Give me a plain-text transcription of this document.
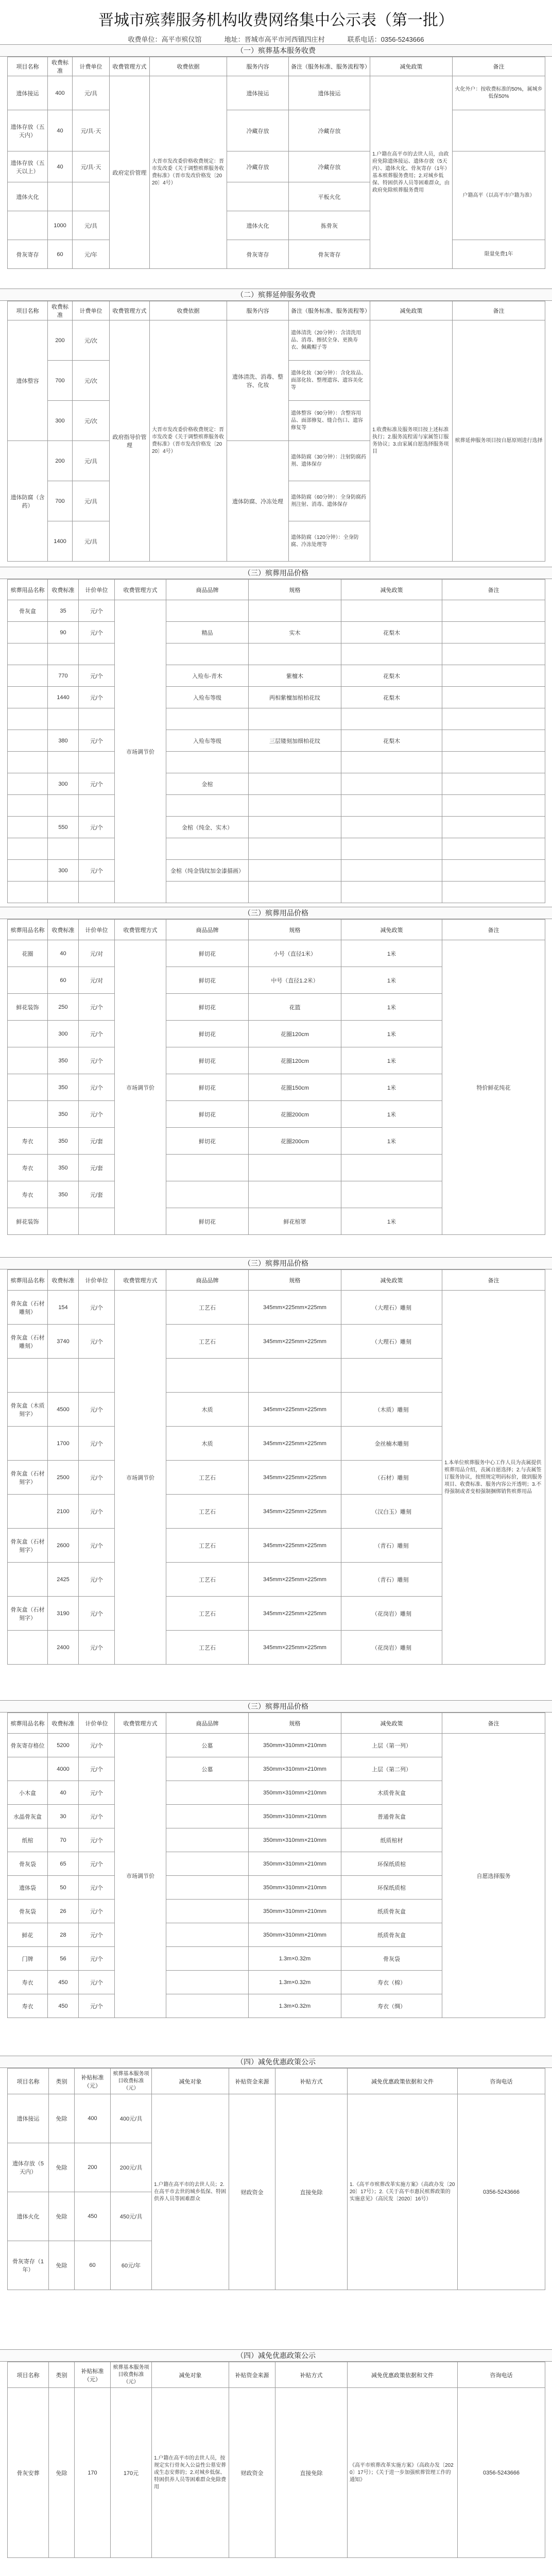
晋城市殡葬服务机构收费网络集中公示表（第一批）
收费单位：高平市殡仪馆	地址：晋城市高平市河西镇四庄村	联系电话：0356-5243666
（一）殡葬基本服务收费
项目名称	收费标准	计费单位	收费管理方式	收费依据	服务内容	备注（服务标准、服务流程等）	减免政策	备注
遗体接运	400	元/具	政府定价管理	大晋市发改委价格收费规定：晋市发改委《关于调整殡葬服务收费标准》（晋市发改价格发〔2020〕4号）	遗体接运	遗体接运	1.户籍在高平市的去世人员，由政府免除遗体接运、遗体存放（5天内）、遗体火化、骨灰寄存（1年）基本殡葬服务费用；2.对城乡低保、特困供养人员等困难群众，由政府免除殡葬服务费用	火化外户：按收费标准的50%，属城乡低保50%
遗体存放（五天内）	40	元/具·天			冷藏存放	冷藏存放		
遗体存放（五天以上）	40	元/具·天			冷藏存放	冷藏存放		户籍高平（以高平市户籍为准）
遗体火化						平板火化		
	1000	元/具			遗体火化	拣骨灰		
骨灰寄存	60	元/年			骨灰寄存	骨灰寄存		限量免费1年
（二）殡葬延伸服务收费
项目名称	收费标准	计费单位	收费管理方式	收费依据	服务内容	备注（服务标准、服务流程等）	减免政策	备注
遗体整容	200	元/次	政府指导价管理	大晋市发改委价格收费规定：晋市发改委《关于调整殡葬服务收费标准》（晋市发改价格发〔2020〕4号）	遗体清洗、消毒、整容、化妆	遗体清洗（20分钟）：含清洗用品、消毒、擦拭全身、更换寿衣、佩戴帽子等	1.收费标准及服务项目按上述标准执行；2.服务流程需与家属签订服务协议；3.由家属自愿选择服务项目	殡葬延伸服务项目按自愿原则进行选择
	700	元/次				遗体化妆（30分钟）：含化妆品、面部化妆、整理遗容、遗容美化等		
	300	元/次				遗体整容（90分钟）：含整容用品、面部修复、缝合伤口、遗容修复等		
遗体防腐（含药）	200	元/具			遗体防腐、冷冻处理	遗体防腐（30分钟）：注射防腐药剂、遗体保存		
	700	元/具				遗体防腐（60分钟）：全身防腐药剂注射、消毒、遗体保存		
	1400	元/具				遗体防腐（120分钟）：全身防腐、冷冻处理等		
（三）殡葬用品价格
殡葬用品名称	收费标准	计价单位	收费管理方式	商品品牌	规格	减免政策	备注
骨灰盒	35	元/个	市场调节价				
	90	元/个		精品	实木	花梨木	

	770	元/个		入殓布-青木	紫檀木	花梨木	
	1440	元/个		入殓布等级	两相紫檀加棺柏花纹	花梨木	

	380	元/个		入殓布等级	三层镂刻加细柏花纹	花梨木	

	300	元/个		金棺			

	550	元/个		金棺（纯金、实木）			

	300	元/个		金棺（纯金钱纹加金漆描画）			

（三）殡葬用品价格
殡葬用品名称	收费标准	计价单位	收费管理方式	商品品牌	规格	减免政策	备注
花圈	40	元/对	市场调节价	鲜切花	小号（直径1米）	1米	特价鲜花纯花
	60	元/对		鲜切花	中号（直径1.2米）	1米	
鲜花装饰	250	元/个		鲜切花	花篮	1米	
	300	元/个		鲜切花	花圈120cm	1米	
	350	元/个		鲜切花	花圈120cm	1米	
	350	元/个		鲜切花	花圈150cm	1米	
	350	元/个		鲜切花	花圈200cm	1米	
寿衣	350	元/套		鲜切花	花圈200cm	1米	
寿衣	350	元/套					
寿衣	350	元/套					
鲜花装饰				鲜切花	鲜花棺罩	1米	
（三）殡葬用品价格
殡葬用品名称	收费标准	计价单位	收费管理方式	商品品牌	规格	减免政策	备注
骨灰盒（石材雕刻）	154	元/个	市场调节价	工艺石	345mm×225mm×225mm	（大理石）雕刻	1.本单位殡葬服务中心工作人员为丧属提供殡葬用品介绍，丧属自愿选择；2.与丧属签订服务协议，按照规定明码标价，做到服务项目、收费标准、服务内容公开透明；3.不得强制或者变相强制捆绑销售殡葬用品
骨灰盒（石材雕刻）	3740	元/个		工艺石	345mm×225mm×225mm	（大理石）雕刻	

骨灰盒（木质刻字）	4500	元/个		木质	345mm×225mm×225mm	（木质）雕刻	
	1700	元/个		木质	345mm×225mm×225mm	金丝楠木雕刻	
骨灰盒（石材刻字）	2500	元/个		工艺石	345mm×225mm×225mm	（石材）雕刻	
	2100	元/个		工艺石	345mm×225mm×225mm	（汉白玉）雕刻	
骨灰盒（石材刻字）	2600	元/个		工艺石	345mm×225mm×225mm	（青石）雕刻	
	2425	元/个		工艺石	345mm×225mm×225mm	（青石）雕刻	
骨灰盒（石材刻字）	3190	元/个		工艺石	345mm×225mm×225mm	（花岗岩）雕刻	
	2400	元/个		工艺石	345mm×225mm×225mm	（花岗岩）雕刻	
（三）殡葬用品价格
殡葬用品名称	收费标准	计价单位	收费管理方式	商品品牌	规格	减免政策	备注
骨灰寄存格位	5200	元/个	市场调节价	公墓	350mm×310mm×210mm	上层（第一列）	自愿选择服务
	4000	元/个		公墓	350mm×310mm×210mm	上层（第二列）	
小木盒	40	元/个			350mm×310mm×210mm	木质骨灰盒	
水晶骨灰盒	30	元/个			350mm×310mm×210mm	普通骨灰盒	
纸棺	70	元/个			350mm×310mm×210mm	纸质棺材	
骨灰袋	65	元/个			350mm×310mm×210mm	环保纸质棺	
遗体袋	50	元/个			350mm×310mm×210mm	环保纸质棺	
骨灰袋	26	元/个			350mm×310mm×210mm	纸质骨灰盒	
鲜花	28	元/个			350mm×310mm×210mm	纸质骨灰盒	
门牌	56	元/个			1.3m×0.32m	骨灰袋	
寿衣	450	元/个			1.3m×0.32m	寿衣（棉）	
寿衣	450	元/个			1.3m×0.32m	寿衣（绸）	
（四）减免优惠政策公示
项目名称	类别	补贴标准（元）	殡葬基本服务项目收费标准（元）	减免对象	补贴资金来源	补贴方式	减免优惠政策依据和文件	咨询电话
遗体接运	免除	400	400元/具	1.户籍在高平市的去世人员；2.在高平市去世的城乡低保、特困供养人员等困难群众	财政资金	直接免除	1.《高平市殡葬改革实施方案》（高政办发〔2020〕17号）；2.《关于高平市惠民殡葬政策的实施意见》（高民发〔2020〕16号）	0356-5243666
遗体存放（5天内）	免除	200	200元/具					
遗体火化	免除	450	450元/具					
骨灰寄存（1年）	免除	60	60元/年					
（四）减免优惠政策公示
项目名称	类别	补贴标准（元）	殡葬基本服务项目收费标准（元）	减免对象	补贴资金来源	补贴方式	减免优惠政策依据和文件	咨询电话
骨灰安葬	免除	170	170元	1.户籍在高平市的去世人员，按规定实行骨灰入公益性公墓安葬或生态安葬的；2.对城乡低保、特困供养人员等困难群众免除费用	财政资金	直接免除	《高平市殡葬改革实施方案》（高政办发〔2020〕17号）；《关于进一步加强殡葬管理工作的通知》	0356-5243666
